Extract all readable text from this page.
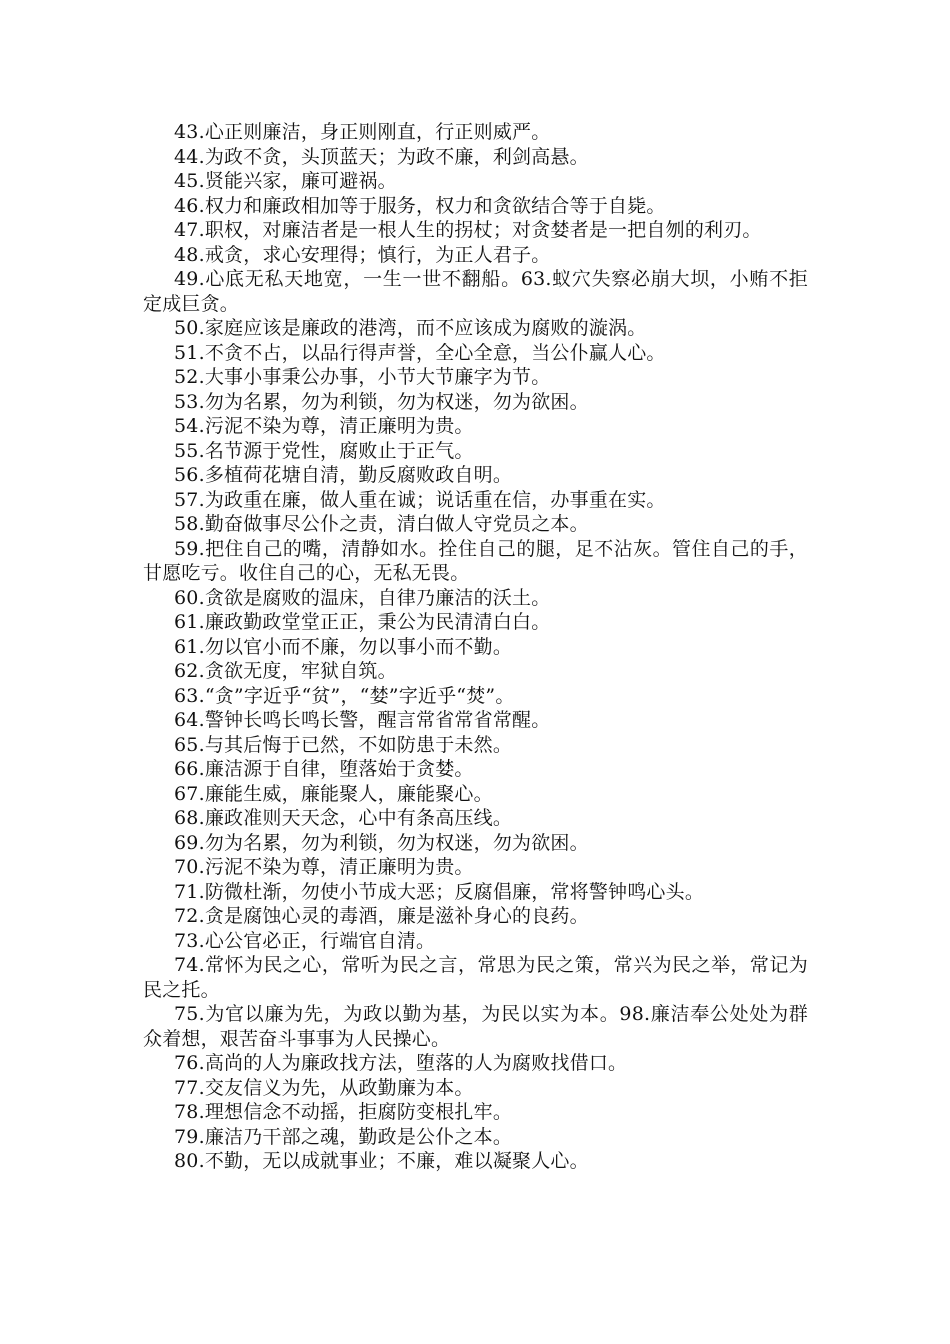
43.心正则廉洁，身正则刚直，行正则威严。

44.为政不贪，头顶蓝天；为政不廉，利剑高悬。

45.贤能兴家，廉可避祸。

46.权力和廉政相加等于服务，权力和贪欲结合等于自毙。

47.职权，对廉洁者是一根人生的拐杖；对贪婪者是一把自刎的利刃。

48.戒贪，求心安理得；慎行，为正人君子。

49.心底无私天地宽，一生一世不翻船。63.蚁穴失察必崩大坝，小贿不拒定成巨贪。

50.家庭应该是廉政的港湾，而不应该成为腐败的漩涡。

51.不贪不占，以品行得声誉，全心全意，当公仆赢人心。

52.大事小事秉公办事，小节大节廉字为节。

53.勿为名累，勿为利锁，勿为权迷，勿为欲困。

54.污泥不染为尊，清正廉明为贵。

55.名节源于党性，腐败止于正气。

56.多植荷花塘自清，勤反腐败政自明。

57.为政重在廉，做人重在诚；说话重在信，办事重在实。

58.勤奋做事尽公仆之责，清白做人守党员之本。

59.把住自己的嘴，清静如水。拴住自己的腿，足不沾灰。管住自己的手，甘愿吃亏。收住自己的心，无私无畏。

60.贪欲是腐败的温床，自律乃廉洁的沃土。

61.廉政勤政堂堂正正，秉公为民清清白白。

61.勿以官小而不廉，勿以事小而不勤。

62.贪欲无度，牢狱自筑。

63.“贪”字近乎“贫”，“婪”字近乎“焚”。

64.警钟长鸣长鸣长警，醒言常省常省常醒。

65.与其后悔于已然，不如防患于未然。

66.廉洁源于自律，堕落始于贪婪。

67.廉能生威，廉能聚人，廉能聚心。

68.廉政准则天天念，心中有条高压线。

69.勿为名累，勿为利锁，勿为权迷，勿为欲困。

70.污泥不染为尊，清正廉明为贵。

71.防微杜渐，勿使小节成大恶；反腐倡廉，常将警钟鸣心头。

72.贪是腐蚀心灵的毒酒，廉是滋补身心的良药。

73.心公官必正，行端官自清。

74.常怀为民之心，常听为民之言，常思为民之策，常兴为民之举，常记为民之托。

75.为官以廉为先，为政以勤为基，为民以实为本。98.廉洁奉公处处为群众着想，艰苦奋斗事事为人民操心。

76.高尚的人为廉政找方法，堕落的人为腐败找借口。

77.交友信义为先，从政勤廉为本。

78.理想信念不动摇，拒腐防变根扎牢。

79.廉洁乃干部之魂，勤政是公仆之本。

80.不勤，无以成就事业；不廉，难以凝聚人心。
